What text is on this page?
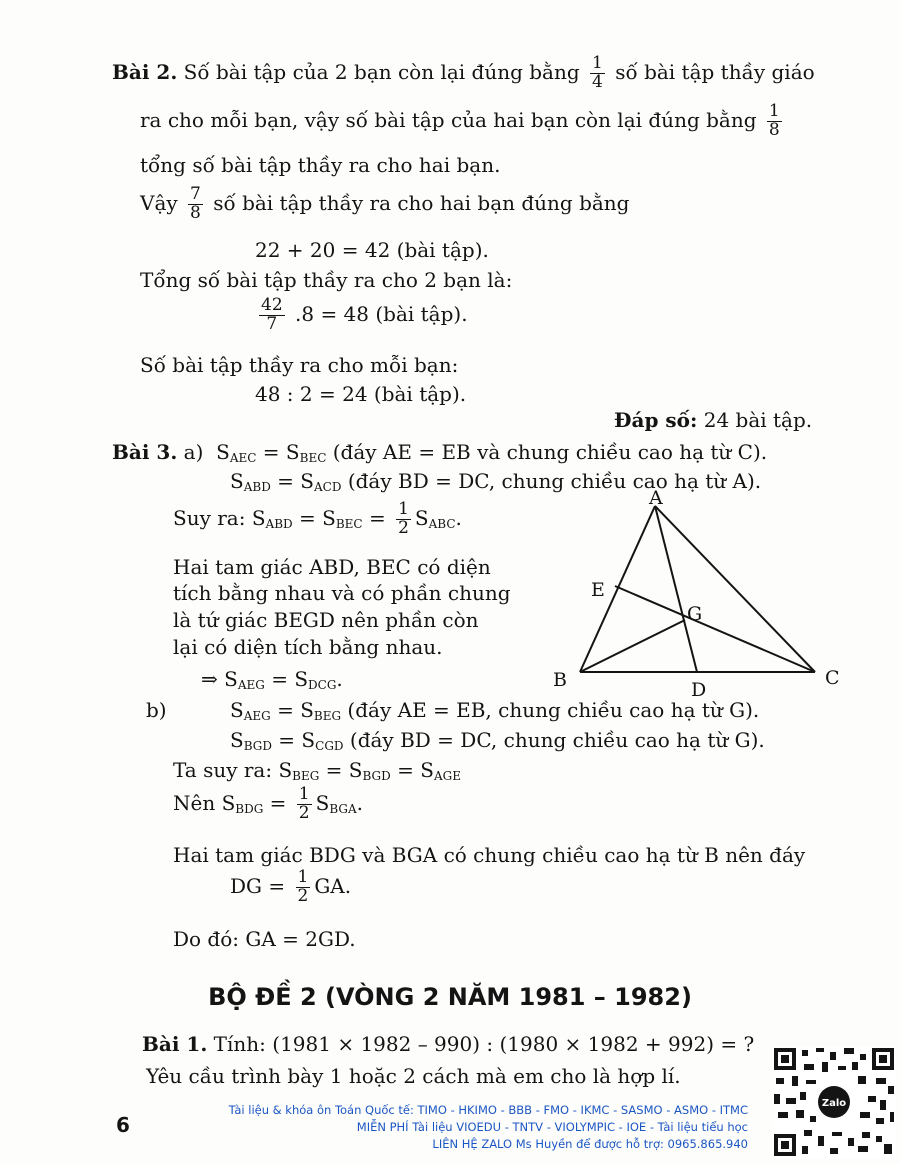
Bài 2. Số bài tập của 2 bạn còn lại đúng bằng $\frac{1}{4}$ số bài tập thầy giáo
ra cho mỗi bạn, vậy số bài tập của hai bạn còn lại đúng bằng $\frac{1}{8}$
tổng số bài tập thầy ra cho hai bạn.
Vậy $\frac{7}{8}$ số bài tập thầy ra cho hai bạn đúng bằng
22 + 20 = 42 (bài tập).
Tổng số bài tập thầy ra cho 2 bạn là:
$\frac{42}{7} .8 = 48$ (bài tập).
Số bài tập thầy ra cho mỗi bạn:
48 : 2 = 24 (bài tập).
Đáp số: 24 bài tập.
Bài 3. a) $S_{AEC} = S_{BEC}$ (đáy AE = EB và chung chiều cao hạ từ C).
$S_{ABD} = S_{ACD}$ (đáy BD = DC, chung chiều cao hạ từ A).
Suy ra: $S_{ABD} = S_{BEC} = \frac{1}{2} S_{ABC}$.
Hai tam giác ABD, BEC có diện
tích bằng nhau và có phần chung
là tứ giác BEGD nên phần còn
lại có diện tích bằng nhau.
⇒ $S_{AEG} = S_{DCG}$.
b)	$S_{AEG} = S_{BEG}$ (đáy AE = EB, chung chiều cao hạ từ G).
$S_{BGD} = S_{CGD}$ (đáy BD = DC, chung chiều cao hạ từ G).
Ta suy ra: $S_{BEG} = S_{BGD} = S_{AGE}$
Nên $S_{BDG} = \frac{1}{2} S_{BGA}$.
Hai tam giác BDG và BGA có chung chiều cao hạ từ B nên đáy
DG = $\frac{1}{2}$ GA.
Do đó: GA = 2GD.
A
B	C
D
E
G
BỘ ĐỀ 2 (VÒNG 2 NĂM 1981 – 1982)
Bài 1. Tính: (1981 × 1982 – 990) : (1980 × 1982 + 992) = ?
Yêu cầu trình bày 1 hoặc 2 cách mà em cho là hợp lí.
6
Tài liệu & khóa ôn Toán Quốc tế: TIMO - HKIMO - BBB - FMO - IKMC - SASMO - ASMO - ITMC
MIỄN PHÍ Tài liệu VIOEDU - TNTV - VIOLYMPIC - IOE - Tài liệu tiểu học
LIÊN HỆ ZALO Ms Huyền để được hỗ trợ: 0965.865.940
Zalo
